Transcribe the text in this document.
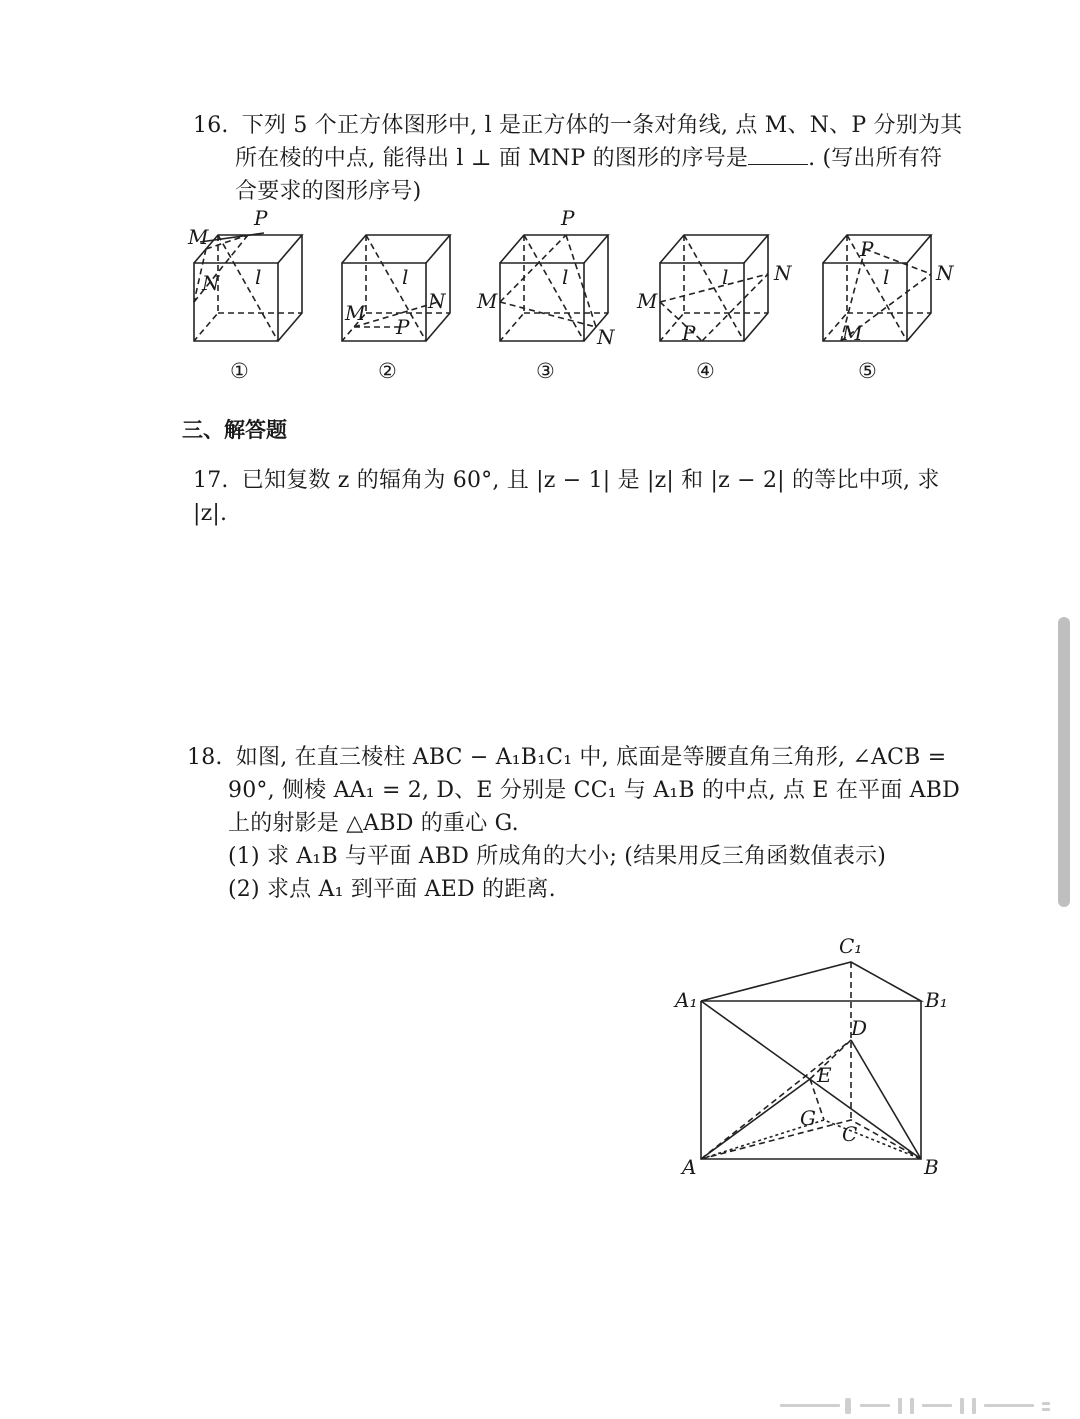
16. 下列 5 个正方体图形中, l 是正方体的一条对角线, 点 M、N、P 分别为其
所在棱的中点, 能得出 l ⊥ 面 MNP 的图形的序号是	. (写出所有符
合要求的图形序号)
M
P
N l
M	N
P
l
P
M
N
l
M
N
P
l
P
N
M
l
①	②	③	④	⑤
三、解答题
17. 已知复数 z 的辐角为 60°, 且 |z − 1| 是 |z| 和 |z − 2| 的等比中项, 求 |z|.
18. 如图, 在直三棱柱 ABC − A₁B₁C₁ 中, 底面是等腰直角三角形, ∠ACB =
90°, 侧棱 AA₁ = 2, D、E 分别是 CC₁ 与 A₁B 的中点, 点 E 在平面 ABD
上的射影是 △ABD 的重心 G.
(1) 求 A₁B 与平面 ABD 所成角的大小; (结果用反三角函数值表示)
(2) 求点 A₁ 到平面 AED 的距离.
C₁
A₁	B₁
D
E
G
C
A	B
